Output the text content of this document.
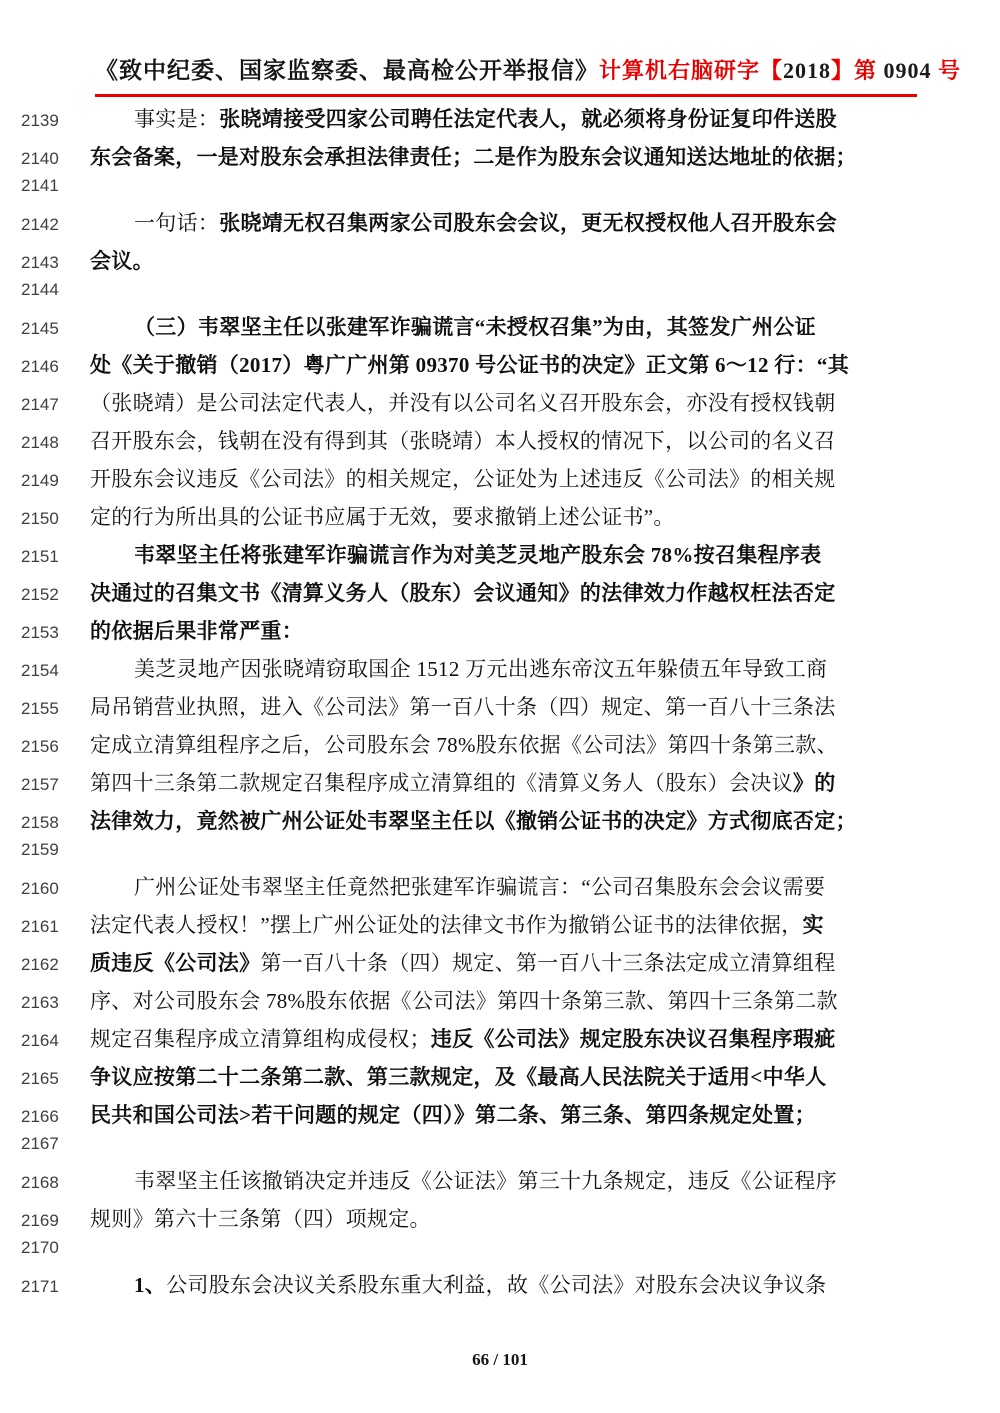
《致中纪委、国家监察委、最高检公开举报信》 计算机右脑研字【2018】第 0904 号
2139	事实是：张晓靖接受四家公司聘任法定代表人，就必须将身份证复印件送股
2140	东会备案，一是对股东会承担法律责任；二是作为股东会议通知送达地址的依据；
2141
2142	一句话：张晓靖无权召集两家公司股东会会议，更无权授权他人召开股东会
2143	会议。
2144
2145	（三）韦翠坚主任以张建军诈骗谎言“未授权召集”为由，其签发广州公证
2146	处《关于撤销（2017）粤广广州第 09370 号公证书的决定》正文第 6～12 行：“其
2147	（张晓靖）是公司法定代表人，并没有以公司名义召开股东会，亦没有授权钱朝
2148	召开股东会，钱朝在没有得到其（张晓靖）本人授权的情况下，以公司的名义召
2149	开股东会议违反《公司法》的相关规定，公证处为上述违反《公司法》的相关规
2150	定的行为所出具的公证书应属于无效，要求撤销上述公证书”。
2151	韦翠坚主任将张建军诈骗谎言作为对美芝灵地产股东会 78%按召集程序表
2152	决通过的召集文书《清算义务人（股东）会议通知》的法律效力作越权枉法否定
2153	的依据后果非常严重：
2154	美芝灵地产因张晓靖窃取国企 1512 万元出逃东帝汶五年躲债五年导致工商
2155	局吊销营业执照，进入《公司法》第一百八十条（四）规定、第一百八十三条法
2156	定成立清算组程序之后，公司股东会 78%股东依据《公司法》第四十条第三款、
2157	第四十三条第二款规定召集程序成立清算组的《清算义务人（股东）会决议》的
2158	法律效力，竟然被广州公证处韦翠坚主任以《撤销公证书的决定》方式彻底否定；
2159
2160	广州公证处韦翠坚主任竟然把张建军诈骗谎言：“公司召集股东会会议需要
2161	法定代表人授权！”摆上广州公证处的法律文书作为撤销公证书的法律依据，实
2162	质违反《公司法》第一百八十条（四）规定、第一百八十三条法定成立清算组程
2163	序、对公司股东会 78%股东依据《公司法》第四十条第三款、第四十三条第二款
2164	规定召集程序成立清算组构成侵权；违反《公司法》规定股东决议召集程序瑕疵
2165	争议应按第二十二条第二款、第三款规定，及《最高人民法院关于适用<中华人
2166	民共和国公司法>若干问题的规定（四）》第二条、第三条、第四条规定处置；
2167
2168	韦翠坚主任该撤销决定并违反《公证法》第三十九条规定，违反《公证程序
2169	规则》第六十三条第（四）项规定。
2170
2171	1、公司股东会决议关系股东重大利益，故《公司法》对股东会决议争议条
66 / 101
